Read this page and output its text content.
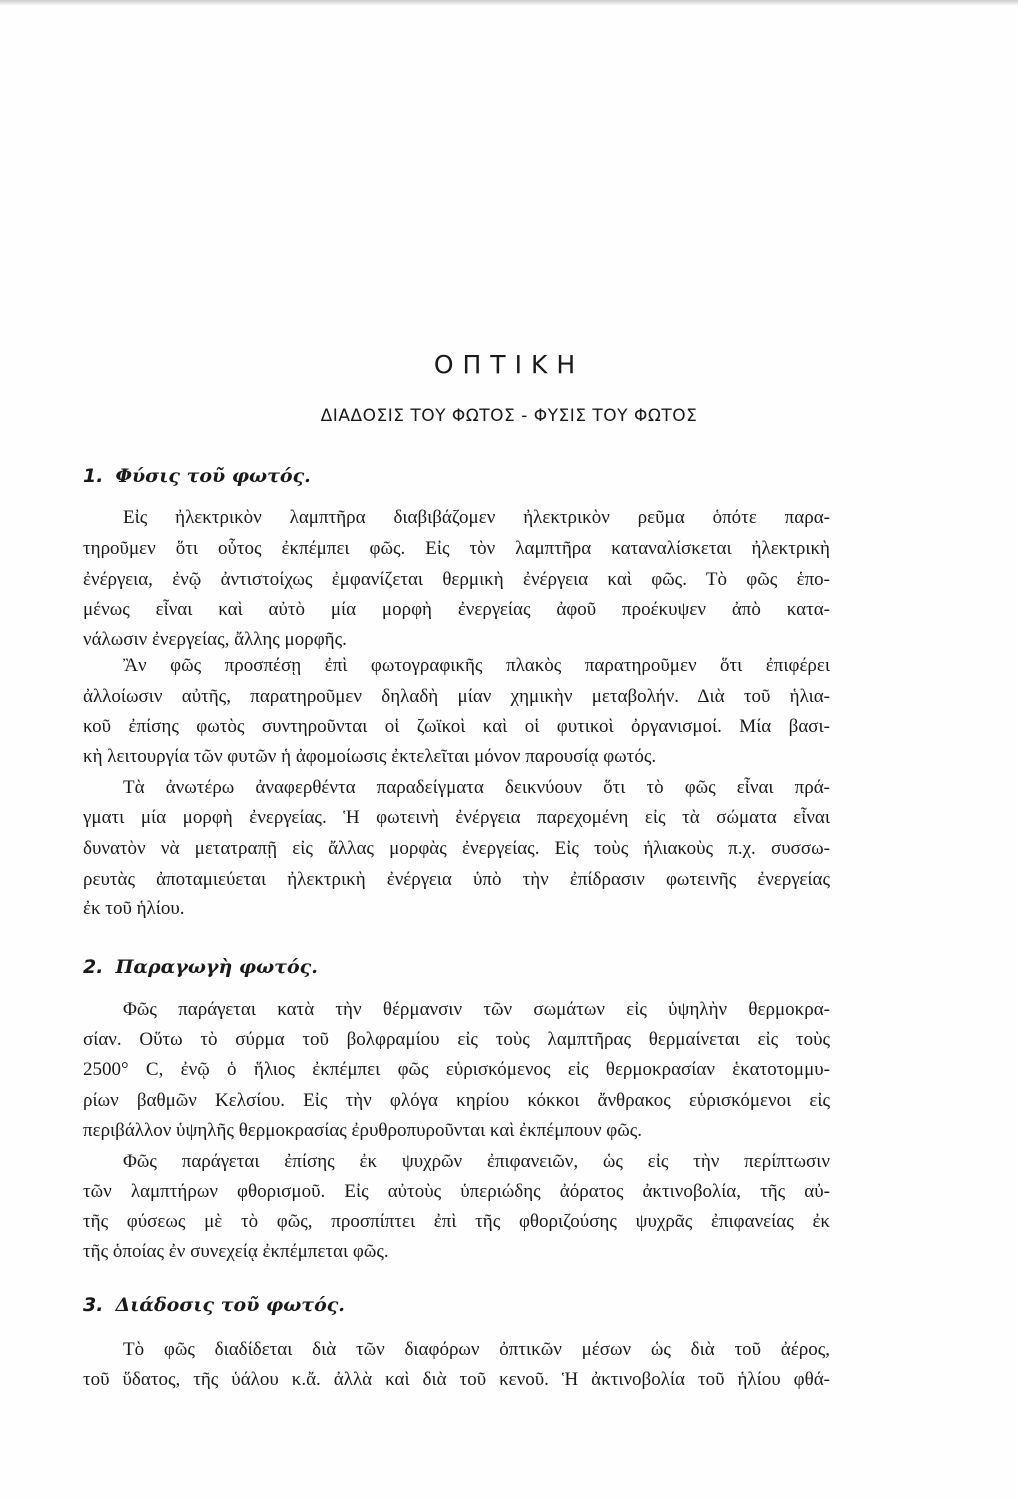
ΟΠΤΙΚΗ
ΔΙΑΔΟΣΙΣ ΤΟΥ ΦΩΤΟΣ - ΦΥΣΙΣ ΤΟΥ ΦΩΤΟΣ
1. Φύσις τοῦ φωτός.
Εἰς ἠλεκτρικὸν λαμπτῆρα διαβιβάζομεν ἠλεκτρικὸν ρεῦμα ὁπότε παρα-
τηροῦμεν ὅτι οὗτος ἐκπέμπει φῶς. Εἰς τὸν λαμπτῆρα καταναλίσκεται ἠλεκτρικὴ
ἐνέργεια, ἐνῷ ἀντιστοίχως ἐμφανίζεται θερμικὴ ἐνέργεια καὶ φῶς. Τὸ φῶς ἑπο-
μένως εἶναι καὶ αὐτὸ μία μορφὴ ἐνεργείας ἀφοῦ προέκυψεν ἀπὸ κατα-
νάλωσιν ἐνεργείας, ἄλλης μορφῆς.
Ἂν φῶς προσπέσῃ ἐπὶ φωτογραφικῆς πλακὸς παρατηροῦμεν ὅτι ἐπιφέρει
ἀλλοίωσιν αὐτῆς, παρατηροῦμεν δηλαδὴ μίαν χημικὴν μεταβολήν. Διὰ τοῦ ἡλια-
κοῦ ἐπίσης φωτὸς συντηροῦνται οἱ ζωϊκοὶ καὶ οἱ φυτικοὶ ὀργανισμοί. Μία βασι-
κὴ λειτουργία τῶν φυτῶν ἡ ἀφομοίωσις ἐκτελεῖται μόνον παρουσίᾳ φωτός.
Τὰ ἀνωτέρω ἀναφερθέντα παραδείγματα δεικνύουν ὅτι τὸ φῶς εἶναι πρά-
γματι μία μορφὴ ἐνεργείας. Ἡ φωτεινὴ ἐνέργεια παρεχομένη εἰς τὰ σώματα εἶναι
δυνατὸν νὰ μετατραπῇ εἰς ἄλλας μορφὰς ἐνεργείας. Εἰς τοὺς ἡλιακοὺς π.χ. συσσω-
ρευτὰς ἀποταμιεύεται ἠλεκτρικὴ ἐνέργεια ὑπὸ τὴν ἐπίδρασιν φωτεινῆς ἐνεργείας
ἐκ τοῦ ἡλίου.
2. Παραγωγὴ φωτός.
Φῶς παράγεται κατὰ τὴν θέρμανσιν τῶν σωμάτων εἰς ὑψηλὴν θερμοκρα-
σίαν. Οὕτω τὸ σύρμα τοῦ βολφραμίου εἰς τοὺς λαμπτῆρας θερμαίνεται εἰς τοὺς
2500° C, ἐνῷ ὁ ἥλιος ἐκπέμπει φῶς εὑρισκόμενος εἰς θερμοκρασίαν ἑκατοτομμυ-
ρίων βαθμῶν Κελσίου. Εἰς τὴν φλόγα κηρίου κόκκοι ἄνθρακος εὑρισκόμενοι εἰς
περιβάλλον ὑψηλῆς θερμοκρασίας ἐρυθροπυροῦνται καὶ ἐκπέμπουν φῶς.
Φῶς παράγεται ἐπίσης ἐκ ψυχρῶν ἐπιφανειῶν, ὡς εἰς τὴν περίπτωσιν
τῶν λαμπτήρων φθορισμοῦ. Εἰς αὐτοὺς ὑπεριώδης ἀόρατος ἀκτινοβολία, τῆς αὐ-
τῆς φύσεως μὲ τὸ φῶς, προσπίπτει ἐπὶ τῆς φθοριζούσης ψυχρᾶς ἐπιφανείας ἐκ
τῆς ὁποίας ἐν συνεχείᾳ ἐκπέμπεται φῶς.
3. Διάδοσις τοῦ φωτός.
Τὸ φῶς διαδίδεται διὰ τῶν διαφόρων ὀπτικῶν μέσων ὡς διὰ τοῦ ἀέρος,
τοῦ ὕδατος, τῆς ὑάλου κ.ἄ. ἀλλὰ καὶ διὰ τοῦ κενοῦ. Ἡ ἀκτινοβολία τοῦ ἡλίου φθά-
